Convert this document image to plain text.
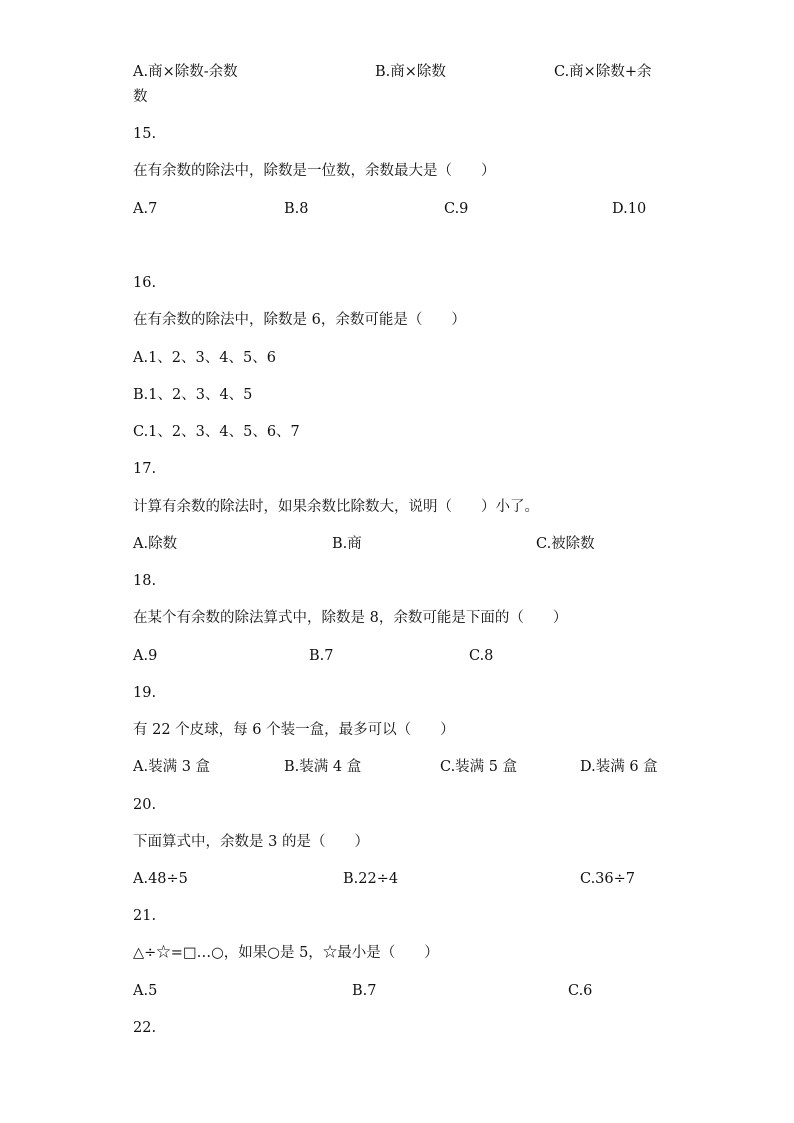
A.商×除数-余数	B.商×除数	C.商×除数+余
数
15.
在有余数的除法中，除数是一位数，余数最大是（　　）
A.7	B.8	C.9	D.10
16.
在有余数的除法中，除数是 6，余数可能是（　　）
A.1、2、3、4、5、6
B.1、2、3、4、5
C.1、2、3、4、5、6、7
17.
计算有余数的除法时，如果余数比除数大，说明（　　）小了。
A.除数	B.商	C.被除数
18.
在某个有余数的除法算式中，除数是 8，余数可能是下面的（　　）
A.9	B.7	C.8
19.
有 22 个皮球，每 6 个装一盒，最多可以（　　）
A.装满 3 盒	B.装满 4 盒	C.装满 5 盒	D.装满 6 盒
20.
下面算式中，余数是 3 的是（　　）
A.48÷5	B.22÷4	C.36÷7
21.
△÷☆=□…○，如果○是 5，☆最小是（　　）
A.5	B.7	C.6
22.
